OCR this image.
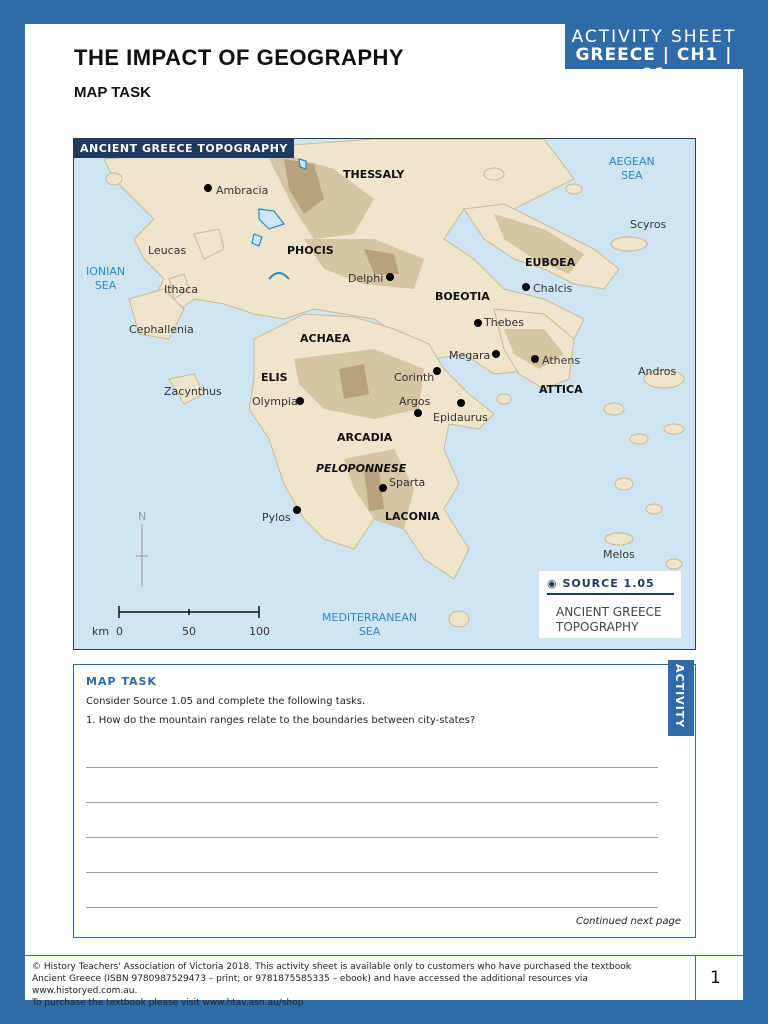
ACTIVITY SHEET
GREECE | CH1 | 01
THE IMPACT OF GEOGRAPHY
MAP TASK
ANCIENT GREECE TOPOGRAPHY
AEGEAN
SEA
IONIAN
SEA
MEDITERRANEAN
SEA
THESSALY
PHOCIS
EUBOEA
BOEOTIA
ACHAEA
ELIS
ATTICA
ARCADIA
PELOPONNESE
LACONIA
Ambracia
Leucas
Ithaca
Cephallenia
Zacynthus
Delphi
Chalcis
Thebes
Megara	Athens
Corinth
Olympia	Argos
Epidaurus
Sparta
Pylos
Scyros
Andros
Melos
N
km 0	50	100
◉ SOURCE 1.05
ANCIENT GREECE
TOPOGRAPHY
MAP TASK
Consider Source 1.05 and complete the following tasks.
1. How do the mountain ranges relate to the boundaries between city-states?
Continued next page
ACTIVITY
© History Teachers' Association of Victoria 2018. This activity sheet is available only to customers who have purchased the textbook
Ancient Greece (ISBN 9780987529473 – print; or 9781875585335 – ebook) and have accessed the additional resources via www.historyed.com.au.
To purchase the textbook please visit www.htav.asn.au/shop
1
